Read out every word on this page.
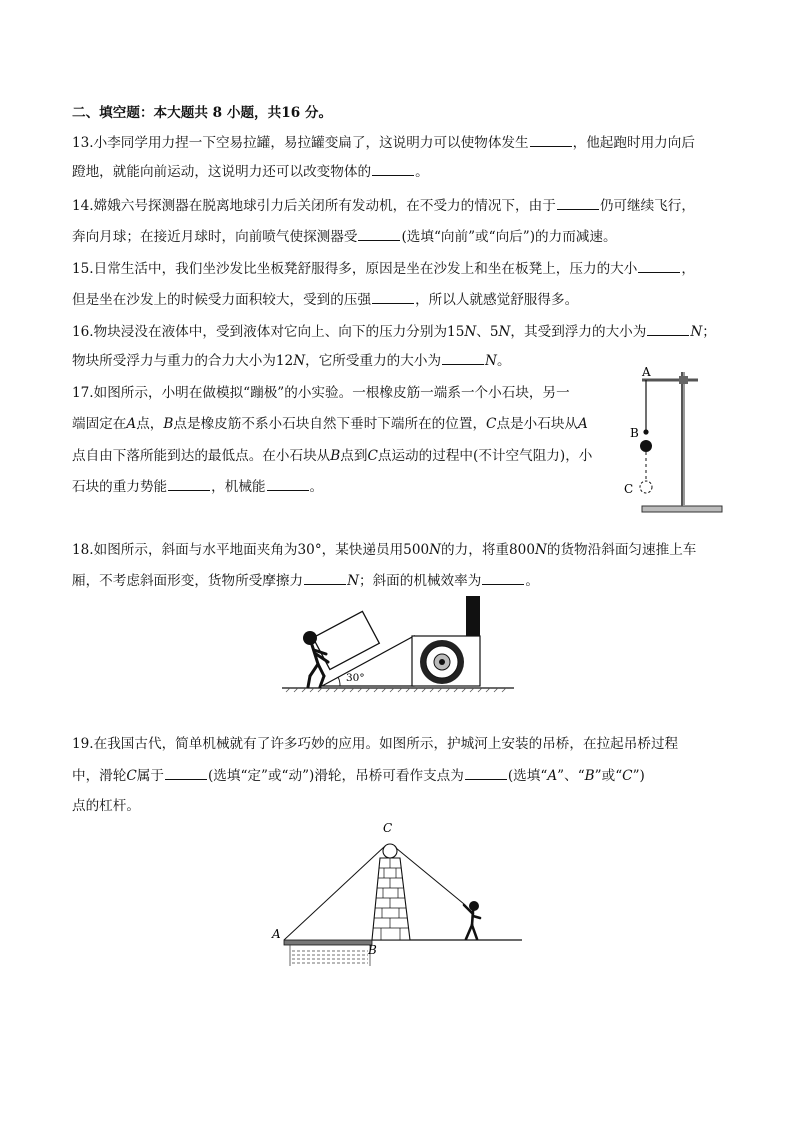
二、填空题：本大题共 8 小题，共16 分。
13.小李同学用力捏一下空易拉罐，易拉罐变扁了，这说明力可以使物体发生	，他起跑时用力向后
蹬地，就能向前运动，这说明力还可以改变物体的	。
14.嫦娥六号探测器在脱离地球引力后关闭所有发动机，在不受力的情况下，由于	仍可继续飞行，
奔向月球；在接近月球时，向前喷气使探测器受	(选填“向前”或“向后”)的力而减速。
15.日常生活中，我们坐沙发比坐板凳舒服得多，原因是坐在沙发上和坐在板凳上，压力的大小	，
但是坐在沙发上的时候受力面积较大，受到的压强	，所以人就感觉舒服得多。
16.物块浸没在液体中，受到液体对它向上、向下的压力分别为15N、5N，其受到浮力的大小为	N；
物块所受浮力与重力的合力大小为12N，它所受重力的大小为	N。
17.如图所示，小明在做模拟“蹦极”的小实验。一根橡皮筋一端系一个小石块，另一
端固定在A点，B点是橡皮筋不系小石块自然下垂时下端所在的位置，C点是小石块从A
点自由下落所能到达的最低点。在小石块从B点到C点运动的过程中(不计空气阻力)，小
石块的重力势能	，机械能	。
A
B
C
18.如图所示，斜面与水平地面夹角为30°，某快递员用500N的力，将重800N的货物沿斜面匀速推上车
厢，不考虑斜面形变，货物所受摩擦力	N；斜面的机械效率为	。
30°
19.在我国古代，简单机械就有了许多巧妙的应用。如图所示，护城河上安装的吊桥，在拉起吊桥过程
中，滑轮C属于	(选填“定”或“动”)滑轮，吊桥可看作支点为	(选填“A”、“B”或“C”)
点的杠杆。
A
B
C
